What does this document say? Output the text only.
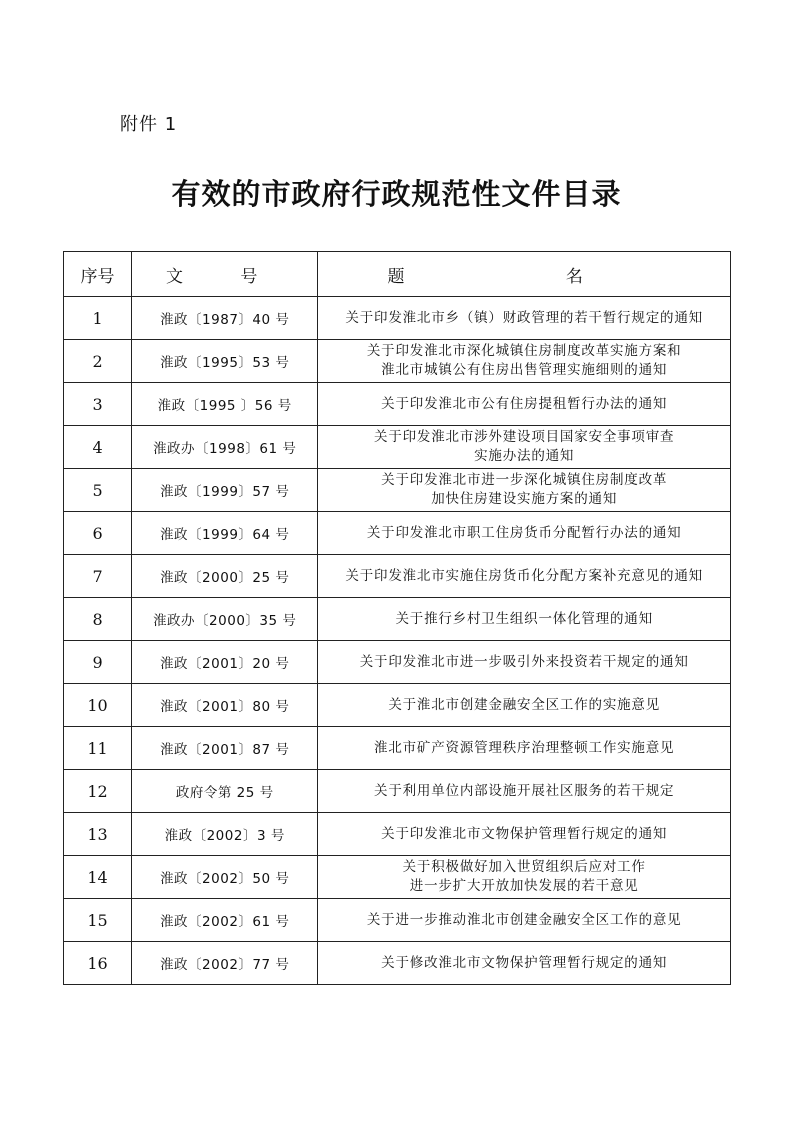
附件 1
有效的市政府行政规范性文件目录
序号	文 号	题 名
1	淮政〔1987〕40 号	关于印发淮北市乡（镇）财政管理的若干暂行规定的通知

2	淮政〔1995〕53 号	关于印发淮北市深化城镇住房制度改革实施方案和
淮北市城镇公有住房出售管理实施细则的通知

3	淮政〔1995 〕56 号	关于印发淮北市公有住房提租暂行办法的通知

4	淮政办〔1998〕61 号	关于印发淮北市涉外建设项目国家安全事项审查
实施办法的通知

5	淮政〔1999〕57 号	关于印发淮北市进一步深化城镇住房制度改革
加快住房建设实施方案的通知

6	淮政〔1999〕64 号	关于印发淮北市职工住房货币分配暂行办法的通知

7	淮政〔2000〕25 号	关于印发淮北市实施住房货币化分配方案补充意见的通知

8	淮政办〔2000〕35 号	关于推行乡村卫生组织一体化管理的通知

9	淮政〔2001〕20 号	关于印发淮北市进一步吸引外来投资若干规定的通知

10	淮政〔2001〕80 号	关于淮北市创建金融安全区工作的实施意见

11	淮政〔2001〕87 号	淮北市矿产资源管理秩序治理整顿工作实施意见

12	政府令第 25 号	关于利用单位内部设施开展社区服务的若干规定

13	淮政〔2002〕3 号	关于印发淮北市文物保护管理暂行规定的通知

14	淮政〔2002〕50 号	关于积极做好加入世贸组织后应对工作
进一步扩大开放加快发展的若干意见

15	淮政〔2002〕61 号	关于进一步推动淮北市创建金融安全区工作的意见

16	淮政〔2002〕77 号	关于修改淮北市文物保护管理暂行规定的通知
